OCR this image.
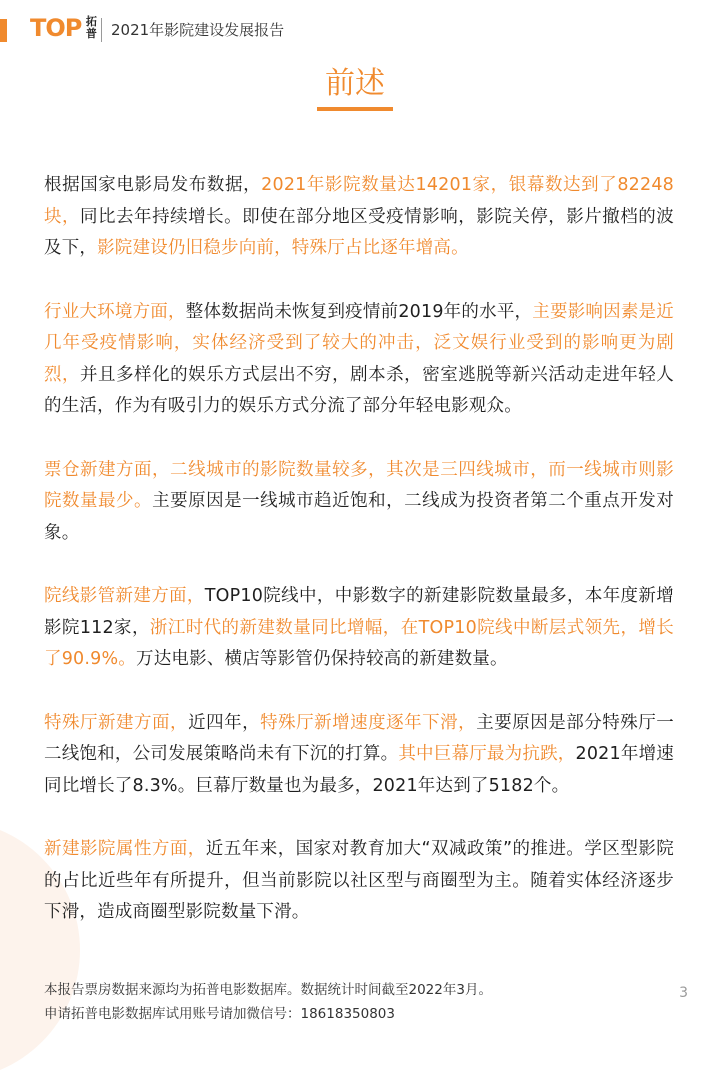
TOP 拓普 2021年影院建设发展报告
前述

根据国家电影局发布数据，2021年影院数量达14201家，银幕数达到了82248块，同比去年持续增长。即使在部分地区受疫情影响，影院关停，影片撤档的波及下，影院建设仍旧稳步向前，特殊厅占比逐年增高。

行业大环境方面，整体数据尚未恢复到疫情前2019年的水平，主要影响因素是近几年受疫情影响，实体经济受到了较大的冲击，泛文娱行业受到的影响更为剧烈，并且多样化的娱乐方式层出不穷，剧本杀，密室逃脱等新兴活动走进年轻人的生活，作为有吸引力的娱乐方式分流了部分年轻电影观众。

票仓新建方面，二线城市的影院数量较多，其次是三四线城市，而一线城市则影院数量最少。主要原因是一线城市趋近饱和，二线成为投资者第二个重点开发对象。

院线影管新建方面，TOP10院线中，中影数字的新建影院数量最多，本年度新增影院112家，浙江时代的新建数量同比增幅，在TOP10院线中断层式领先，增长了90.9%。万达电影、横店等影管仍保持较高的新建数量。

特殊厅新建方面，近四年，特殊厅新增速度逐年下滑，主要原因是部分特殊厅一二线饱和，公司发展策略尚未有下沉的打算。其中巨幕厅最为抗跌，2021年增速同比增长了8.3%。巨幕厅数量也为最多，2021年达到了5182个。

新建影院属性方面，近五年来，国家对教育加大“双减政策”的推进。学区型影院的占比近些年有所提升，但当前影院以社区型与商圈型为主。随着实体经济逐步下滑，造成商圈型影院数量下滑。

本报告票房数据来源均为拓普电影数据库。数据统计时间截至2022年3月。
申请拓普电影数据库试用账号请加微信号：18618350803
3
